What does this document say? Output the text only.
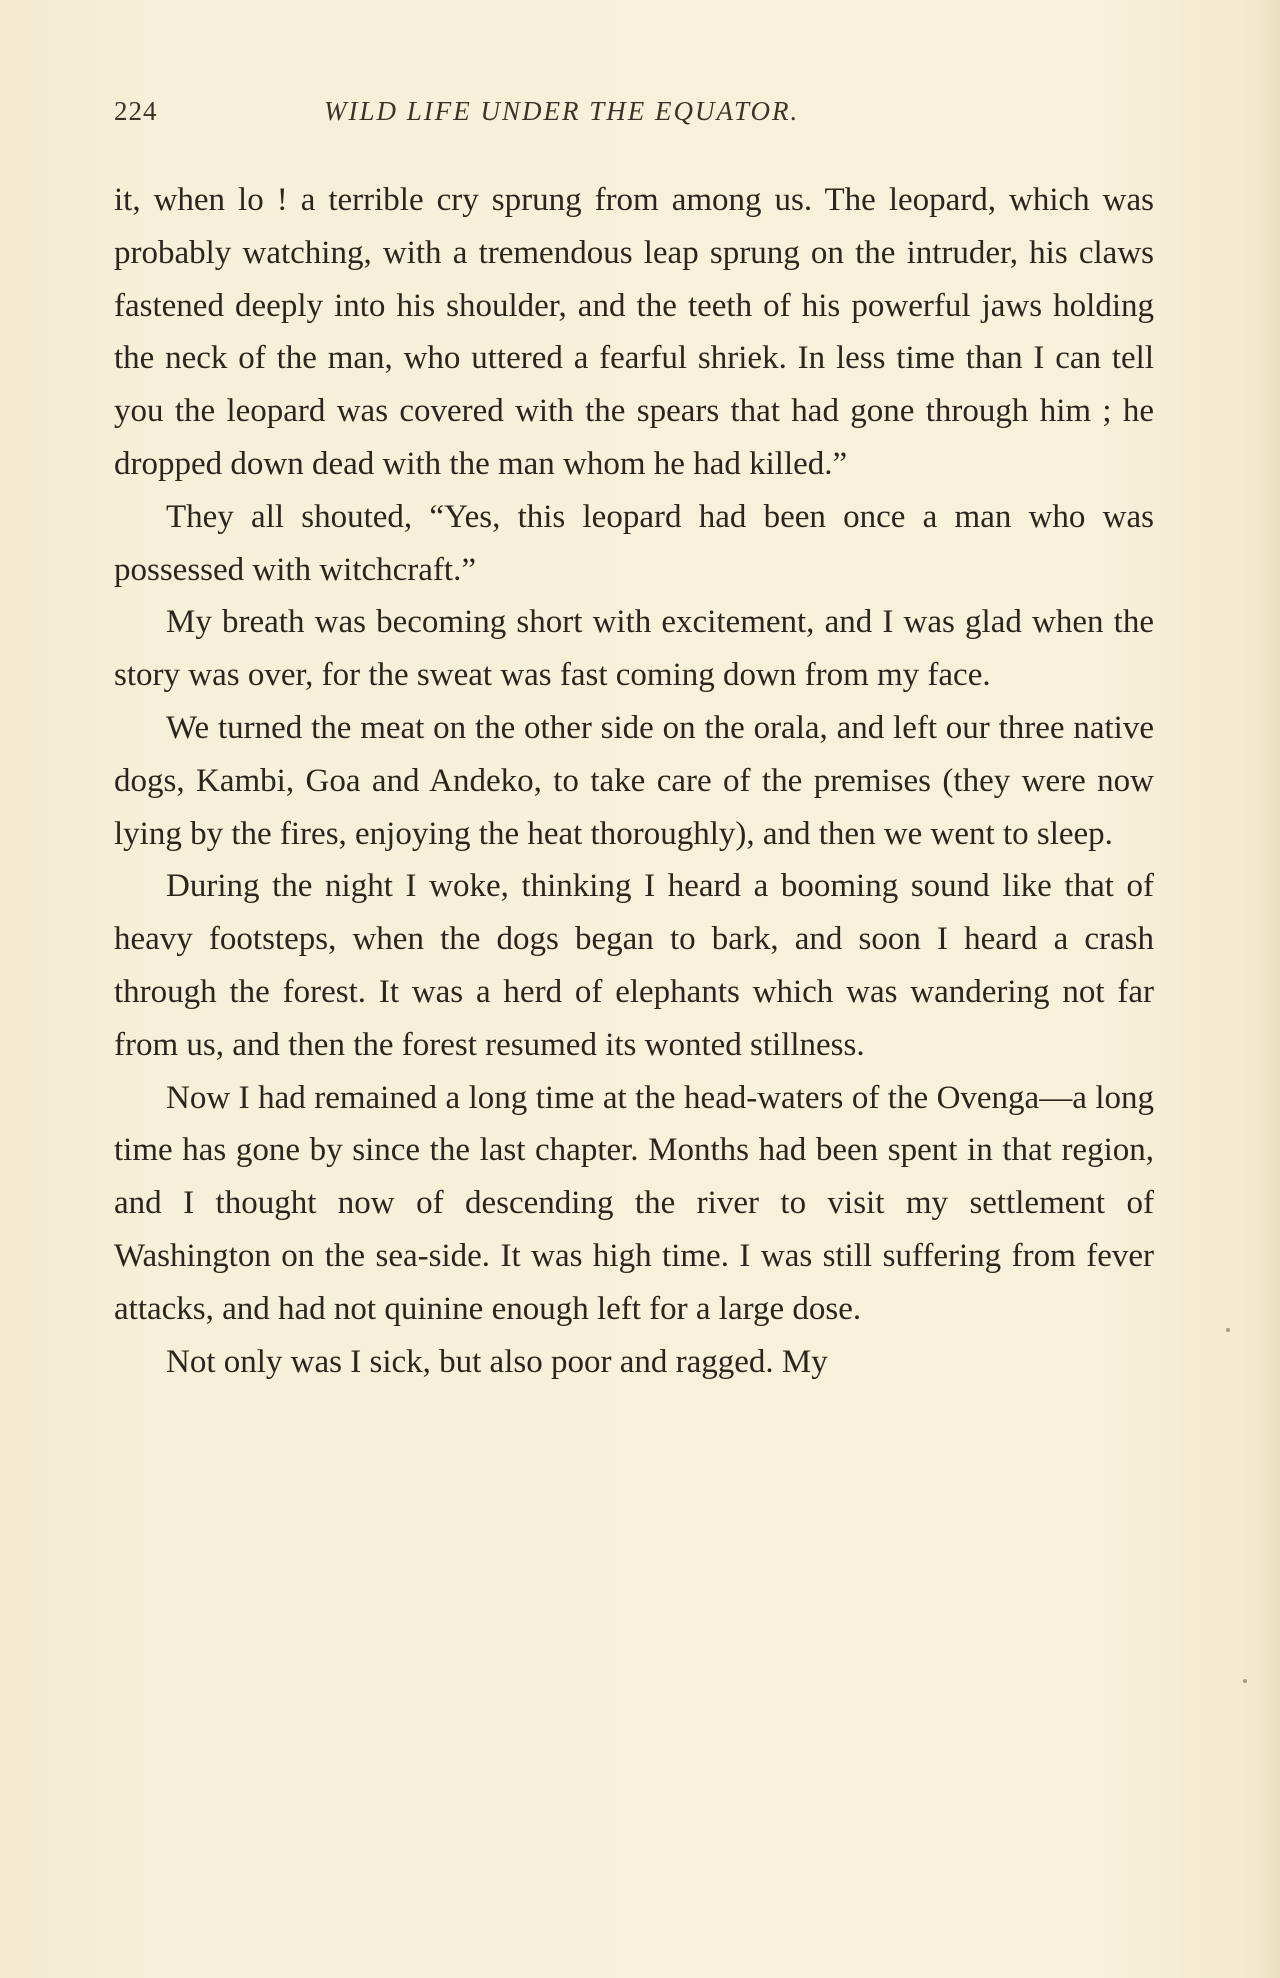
224	WILD LIFE UNDER THE EQUATOR.

it, when lo ! a terrible cry sprung from among us. The leopard, which was probably watching, with a tremendous leap sprung on the intruder, his claws fastened deeply into his shoulder, and the teeth of his powerful jaws holding the neck of the man, who uttered a fearful shriek. In less time than I can tell you the leopard was covered with the spears that had gone through him ; he dropped down dead with the man whom he had killed.”

They all shouted, “Yes, this leopard had been once a man who was possessed with witchcraft.”

My breath was becoming short with excitement, and I was glad when the story was over, for the sweat was fast coming down from my face.

We turned the meat on the other side on the orala, and left our three native dogs, Kambi, Goa and Andeko, to take care of the premises (they were now lying by the fires, enjoying the heat thoroughly), and then we went to sleep.

During the night I woke, thinking I heard a booming sound like that of heavy footsteps, when the dogs began to bark, and soon I heard a crash through the forest. It was a herd of elephants which was wandering not far from us, and then the forest resumed its wonted stillness.

Now I had remained a long time at the head-waters of the Ovenga—a long time has gone by since the last chapter. Months had been spent in that region, and I thought now of descending the river to visit my settlement of Washington on the sea-side. It was high time. I was still suffering from fever attacks, and had not quinine enough left for a large dose.

Not only was I sick, but also poor and ragged. My
